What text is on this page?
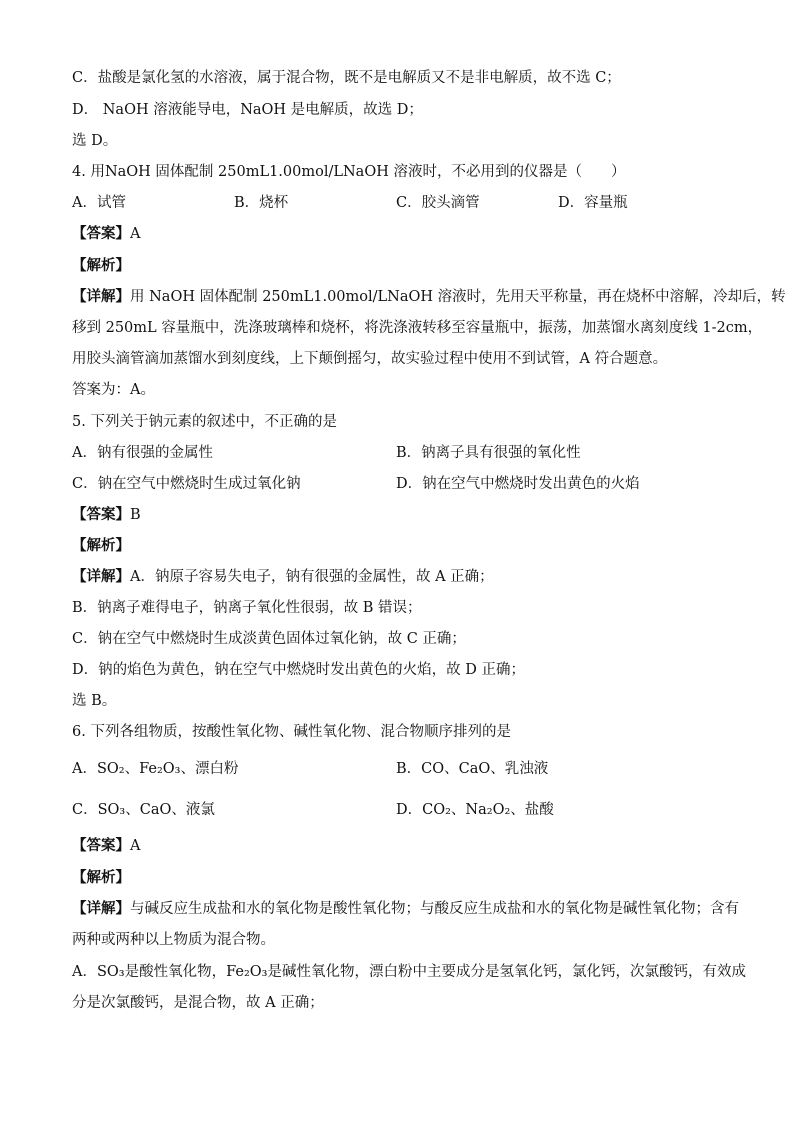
C．盐酸是氯化氢的水溶液，属于混合物，既不是电解质又不是非电解质，故不选 C；
D． NaOH 溶液能导电，NaOH 是电解质，故选 D；
选 D。
4. 用NaOH 固体配制 250mL1.00mol/LNaOH 溶液时，不必用到的仪器是（　　）
A．试管	B．烧杯	C．胶头滴管	D．容量瓶
【答案】A
【解析】
【详解】用 NaOH 固体配制 250mL1.00mol/LNaOH 溶液时，先用天平称量，再在烧杯中溶解，冷却后，转
移到 250mL 容量瓶中，洗涤玻璃棒和烧杯，将洗涤液转移至容量瓶中，振荡，加蒸馏水离刻度线 1-2cm，
用胶头滴管滴加蒸馏水到刻度线，上下颠倒摇匀，故实验过程中使用不到试管，A 符合题意。
答案为：A。
5. 下列关于钠元素的叙述中，不正确的是
A．钠有很强的金属性	B．钠离子具有很强的氧化性
C．钠在空气中燃烧时生成过氧化钠	D．钠在空气中燃烧时发出黄色的火焰
【答案】B
【解析】
【详解】A．钠原子容易失电子，钠有很强的金属性，故 A 正确；
B．钠离子难得电子，钠离子氧化性很弱，故 B 错误；
C．钠在空气中燃烧时生成淡黄色固体过氧化钠，故 C 正确；
D．钠的焰色为黄色，钠在空气中燃烧时发出黄色的火焰，故 D 正确；
选 B。
6. 下列各组物质，按酸性氧化物、碱性氧化物、混合物顺序排列的是
A．SO₂、Fe₂O₃、漂白粉	B．CO、CaO、乳浊液
C．SO₃、CaO、液氯	D．CO₂、Na₂O₂、盐酸
【答案】A
【解析】
【详解】与碱反应生成盐和水的氧化物是酸性氧化物；与酸反应生成盐和水的氧化物是碱性氧化物；含有
两种或两种以上物质为混合物。
A．SO₃是酸性氧化物，Fe₂O₃是碱性氧化物，漂白粉中主要成分是氢氧化钙，氯化钙，次氯酸钙，有效成
分是次氯酸钙，是混合物，故 A 正确；
